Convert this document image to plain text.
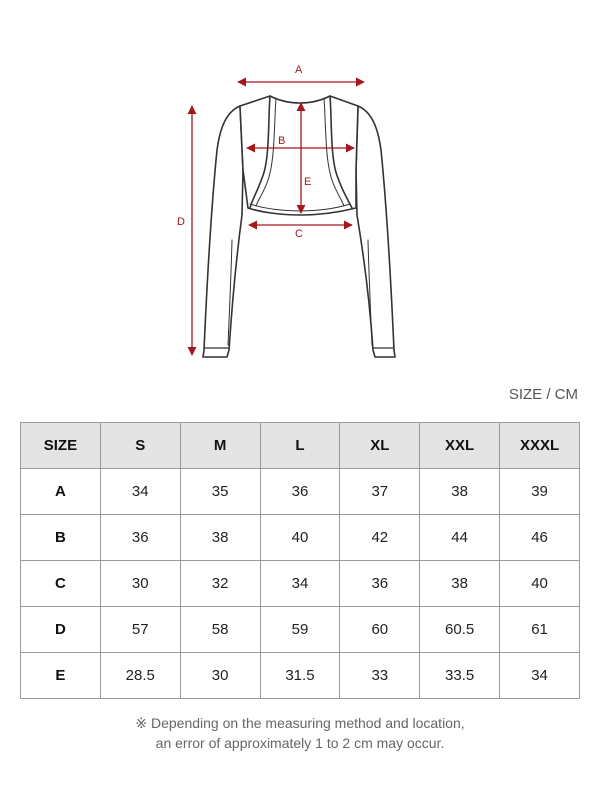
A
B
E
C
D
SIZE / CM
SIZE	S	M	L	XL	XXL	XXXL
A	34	35	36	37	38	39
B	36	38	40	42	44	46
C	30	32	34	36	38	40
D	57	58	59	60	60.5	61
E	28.5	30	31.5	33	33.5	34
※ Depending on the measuring method and location,
an error of approximately 1 to 2 cm may occur.
